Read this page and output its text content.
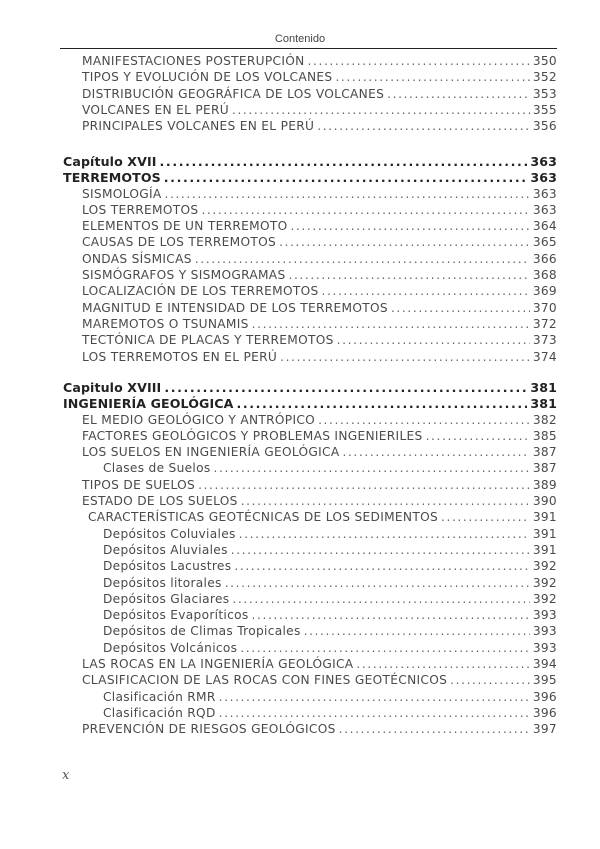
Contenido
MANIFESTACIONES POSTERUPCIÓN .....	350
TIPOS Y EVOLUCIÓN DE LOS VOLCANES .....	352
DISTRIBUCIÓN GEOGRÁFICA DE LOS VOLCANES .....	353
VOLCANES EN EL PERÚ .....	355
PRINCIPALES VOLCANES EN EL PERÚ .....	356
Capítulo XVII .....	363
TERREMOTOS .....	363
SISMOLOGÍA .....	363
LOS TERREMOTOS .....	363
ELEMENTOS DE UN TERREMOTO .....	364
CAUSAS DE LOS TERREMOTOS .....	365
ONDAS SÍSMICAS .....	366
SISMÓGRAFOS Y SISMOGRAMAS .....	368
LOCALIZACIÓN DE LOS TERREMOTOS .....	369
MAGNITUD E INTENSIDAD DE LOS TERREMOTOS .....	370
MAREMOTOS O TSUNAMIS .....	372
TECTÓNICA DE PLACAS Y TERREMOTOS .....	373
LOS TERREMOTOS EN EL PERÚ .....	374
Capitulo XVIII .....	381
INGENIERÍA GEOLÓGICA .....	381
EL MEDIO GEOLÓGICO Y ANTRÓPICO .....	382
FACTORES GEOLÓGICOS Y PROBLEMAS INGENIERILES .....	385
LOS SUELOS EN INGENIERÍA GEOLÓGICA .....	387
Clases de Suelos .....	387
TIPOS DE SUELOS .....	389
ESTADO DE LOS SUELOS .....	390
CARACTERÍSTICAS GEOTÉCNICAS DE LOS SEDIMENTOS .....	391
Depósitos Coluviales .....	391
Depósitos Aluviales .....	391
Depósitos Lacustres .....	392
Depósitos litorales .....	392
Depósitos Glaciares .....	392
Depósitos Evaporíticos .....	393
Depósitos de Climas Tropicales .....	393
Depósitos Volcánicos .....	393
LAS ROCAS EN LA INGENIERÍA GEOLÓGICA .....	394
CLASIFICACION DE LAS ROCAS CON FINES GEOTÉCNICOS .....	395
Clasificación RMR .....	396
Clasificación RQD .....	396
PREVENCIÓN DE RIESGOS GEOLÓGICOS .....	397
x
